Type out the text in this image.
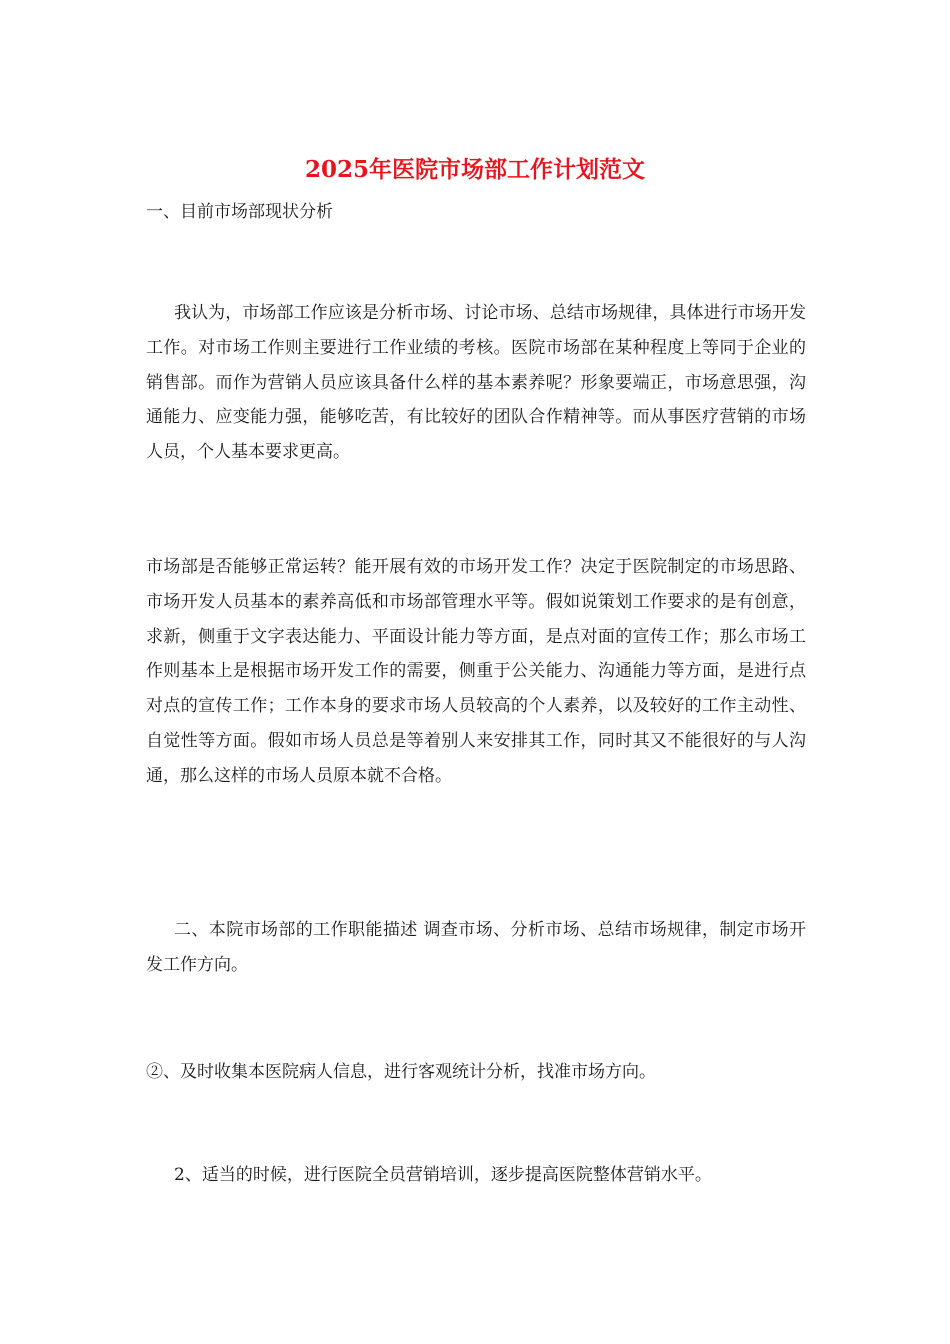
2025年医院市场部工作计划范文

一、目前市场部现状分析

我认为，市场部工作应该是分析市场、讨论市场、总结市场规律，具体进行市场开发工作。对市场工作则主要进行工作业绩的考核。医院市场部在某种程度上等同于企业的销售部。而作为营销人员应该具备什么样的基本素养呢？形象要端正，市场意思强，沟通能力、应变能力强，能够吃苦，有比较好的团队合作精神等。而从事医疗营销的市场人员，个人基本要求更高。

市场部是否能够正常运转？能开展有效的市场开发工作？决定于医院制定的市场思路、市场开发人员基本的素养高低和市场部管理水平等。假如说策划工作要求的是有创意，求新，侧重于文字表达能力、平面设计能力等方面，是点对面的宣传工作；那么市场工作则基本上是根据市场开发工作的需要，侧重于公关能力、沟通能力等方面，是进行点对点的宣传工作；工作本身的要求市场人员较高的个人素养，以及较好的工作主动性、自觉性等方面。假如市场人员总是等着别人来安排其工作，同时其又不能很好的与人沟通，那么这样的市场人员原本就不合格。

二、本院市场部的工作职能描述 调查市场、分析市场、总结市场规律，制定市场开发工作方向。

②、及时收集本医院病人信息，进行客观统计分析，找准市场方向。

2、适当的时候，进行医院全员营销培训，逐步提高医院整体营销水平。
